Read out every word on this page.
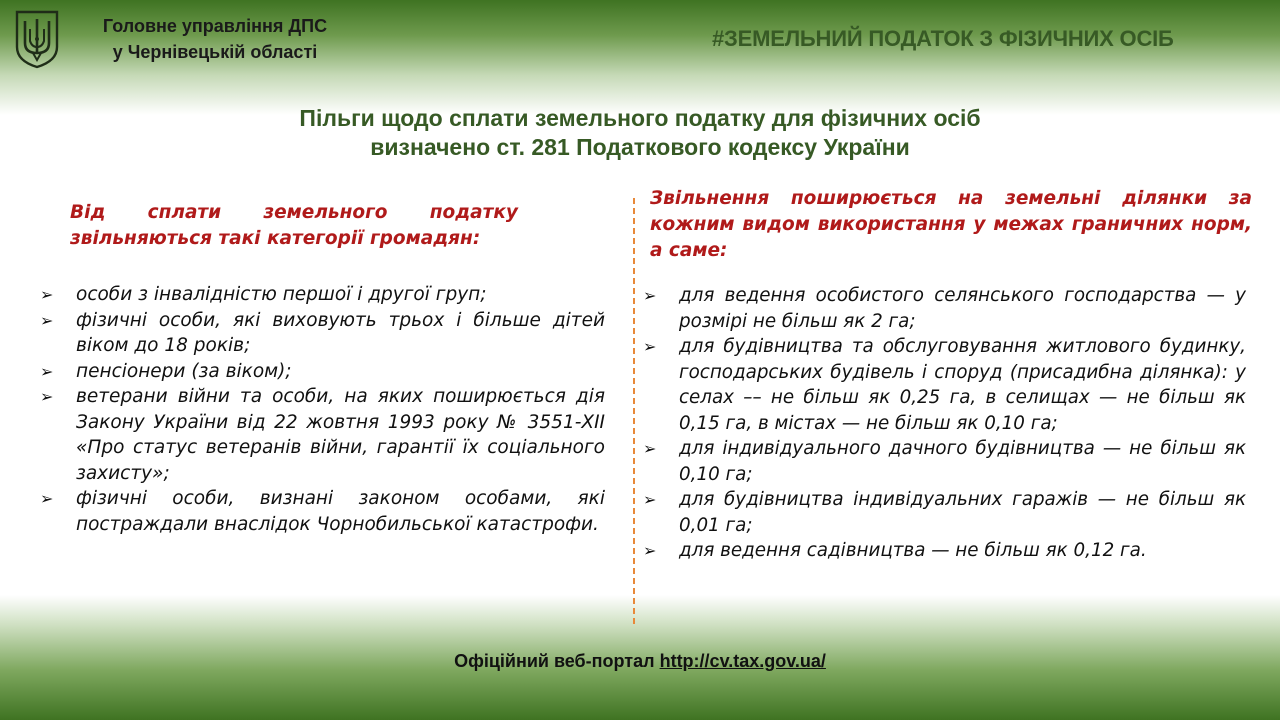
Головне управління ДПС
у Чернівецькій області
#ЗЕМЕЛЬНИЙ ПОДАТОК З ФІЗИЧНИХ ОСІБ
Пільги щодо сплати земельного податку для фізичних осіб
визначено ст. 281 Податкового кодексу України
Від сплати земельного податку звільняються такі категорії громадян:
➢ особи з інвалідністю першої і другої груп;
➢ фізичні особи, які виховують трьох і більше дітей віком до 18 років;
➢ пенсіонери (за віком);
➢ ветерани війни та особи, на яких поширюється дія Закону України від 22 жовтня 1993 року № 3551-XII «Про статус ветеранів війни, гарантії їх соціального захисту»;
➢ фізичні особи, визнані законом особами, які постраждали внаслідок Чорнобильської катастрофи.
Звільнення поширюється на земельні ділянки за кожним видом використання у межах граничних норм, а саме:
➢ для ведення особистого селянського господарства — у розмірі не більш як 2 га;
➢ для будівництва та обслуговування житлового будинку, господарських будівель і споруд (присадибна ділянка): у селах –– не більш як 0,25 га, в селищах — не більш як 0,15 га, в містах — не більш як 0,10 га;
➢ для індивідуального дачного будівництва — не більш як 0,10 га;
➢ для будівництва індивідуальних гаражів — не більш як 0,01 га;
➢ для ведення садівництва — не більш як 0,12 га.
Офіційний веб-портал http://cv.tax.gov.ua/
